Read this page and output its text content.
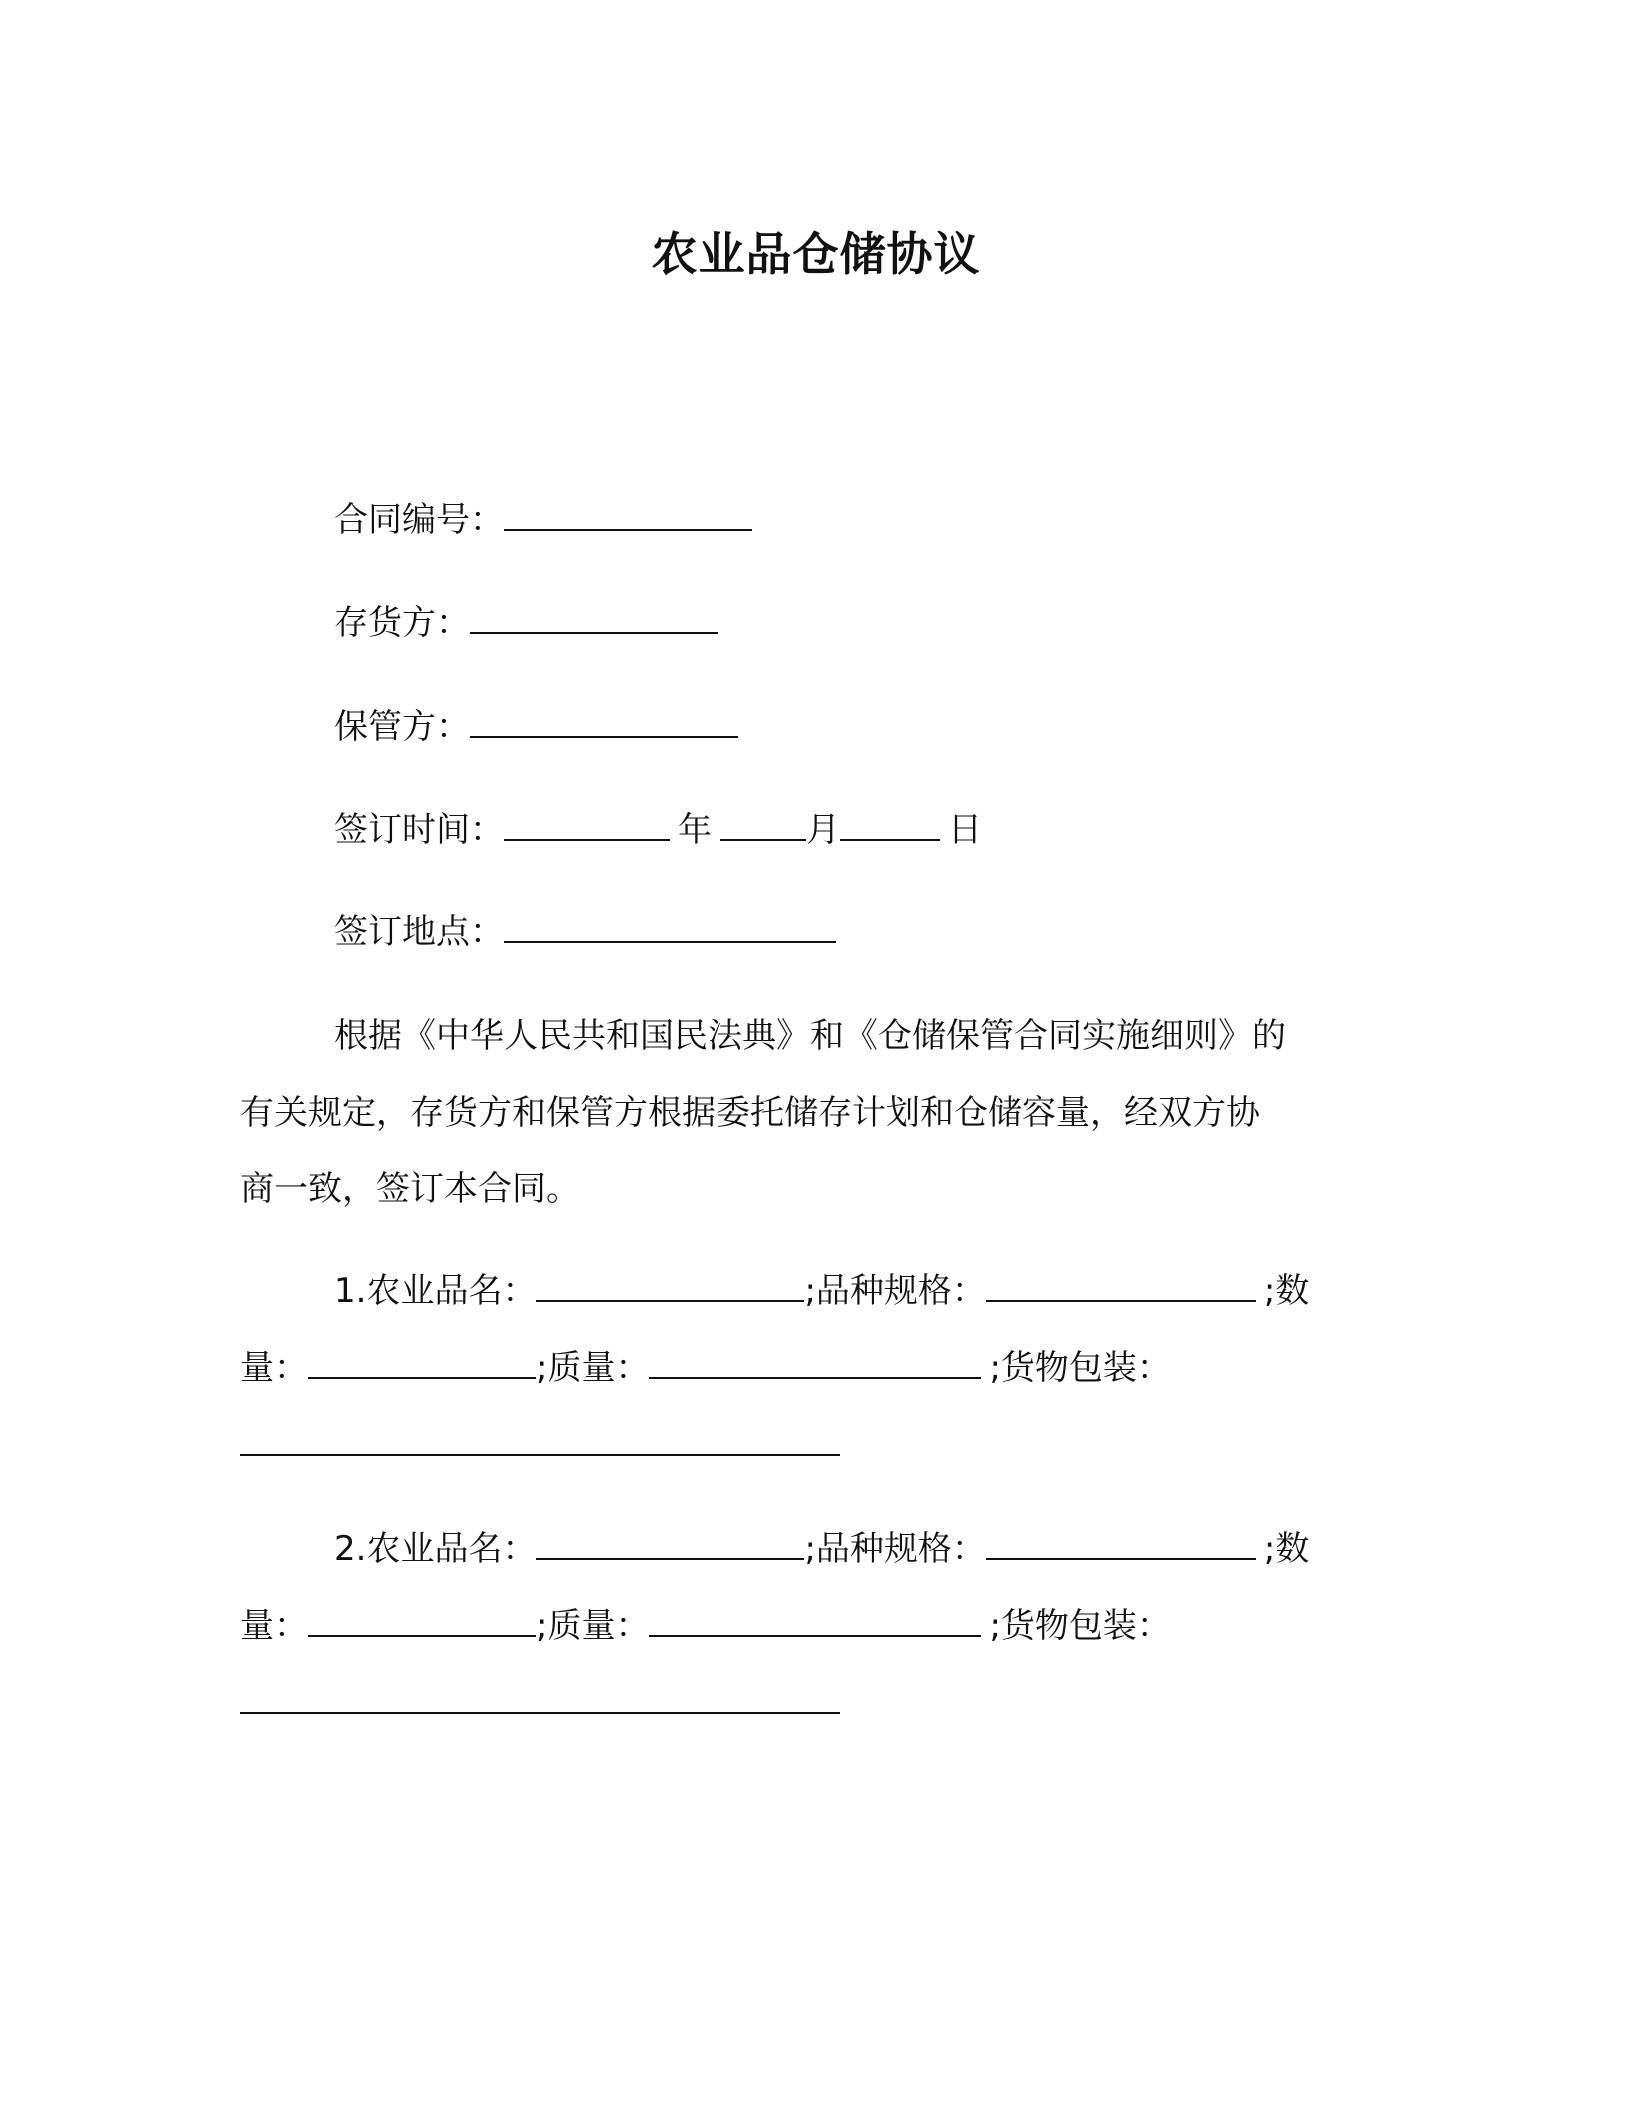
农业品仓储协议
合同编号：
存货方：
保管方：
签订时间：	年	月	日
签订地点：
根据《中华人民共和国民法典》和《仓储保管合同实施细则》的
有关规定，存货方和保管方根据委托储存计划和仓储容量，经双方协
商一致，签订本合同。
1.农业品名：	;品种规格：	;数
量：	;质量：	;货物包装：
2.农业品名：	;品种规格：	;数
量：	;质量：	;货物包装：
